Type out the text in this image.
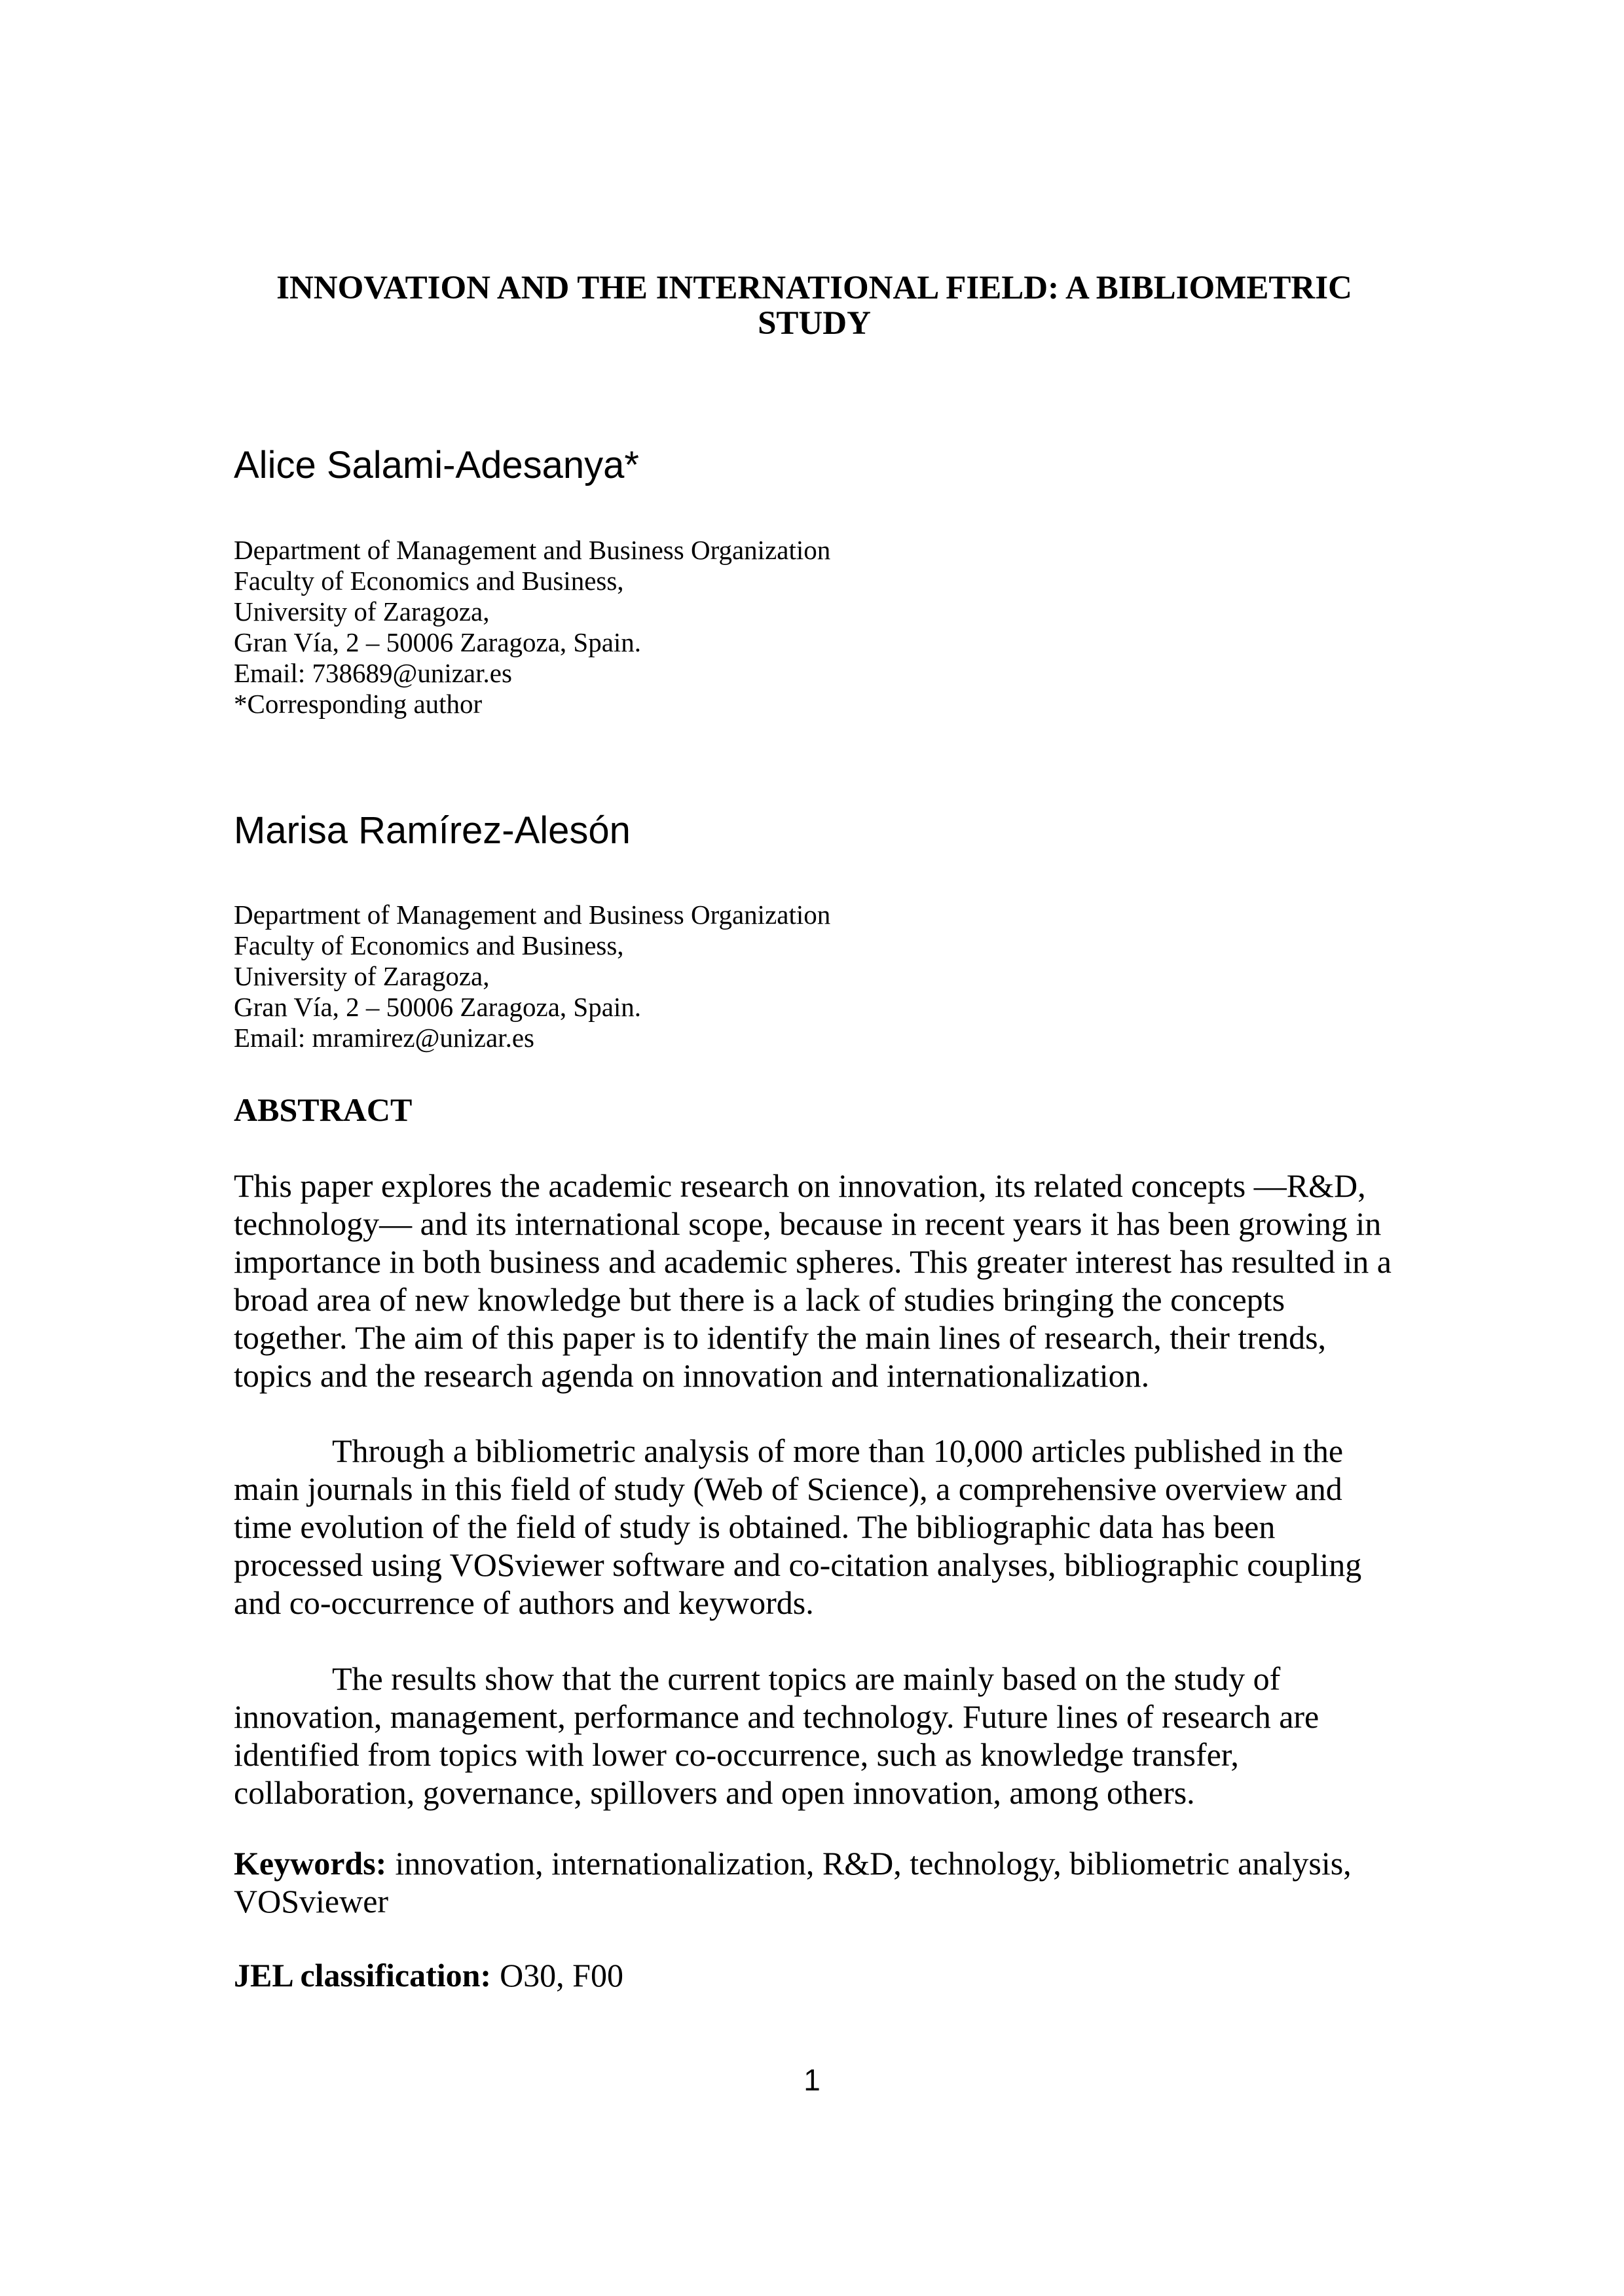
INNOVATION AND THE INTERNATIONAL FIELD: A BIBLIOMETRIC
STUDY
Alice Salami-Adesanya*
Department of Management and Business Organization
Faculty of Economics and Business,
University of Zaragoza,
Gran Vía, 2 – 50006 Zaragoza, Spain.
Email: 738689@unizar.es
*Corresponding author
Marisa Ramírez-Alesón
Department of Management and Business Organization
Faculty of Economics and Business,
University of Zaragoza,
Gran Vía, 2 – 50006 Zaragoza, Spain.
Email: mramirez@unizar.es
ABSTRACT
This paper explores the academic research on innovation, its related concepts —R&D,
technology— and its international scope, because in recent years it has been growing in
importance in both business and academic spheres. This greater interest has resulted in a
broad area of new knowledge but there is a lack of studies bringing the concepts
together. The aim of this paper is to identify the main lines of research, their trends,
topics and the research agenda on innovation and internationalization.
Through a bibliometric analysis of more than 10,000 articles published in the
main journals in this field of study (Web of Science), a comprehensive overview and
time evolution of the field of study is obtained. The bibliographic data has been
processed using VOSviewer software and co-citation analyses, bibliographic coupling
and co-occurrence of authors and keywords.
The results show that the current topics are mainly based on the study of
innovation, management, performance and technology. Future lines of research are
identified from topics with lower co-occurrence, such as knowledge transfer,
collaboration, governance, spillovers and open innovation, among others.
Keywords: innovation, internationalization, R&D, technology, bibliometric analysis,
VOSviewer
JEL classification: O30, F00
1
